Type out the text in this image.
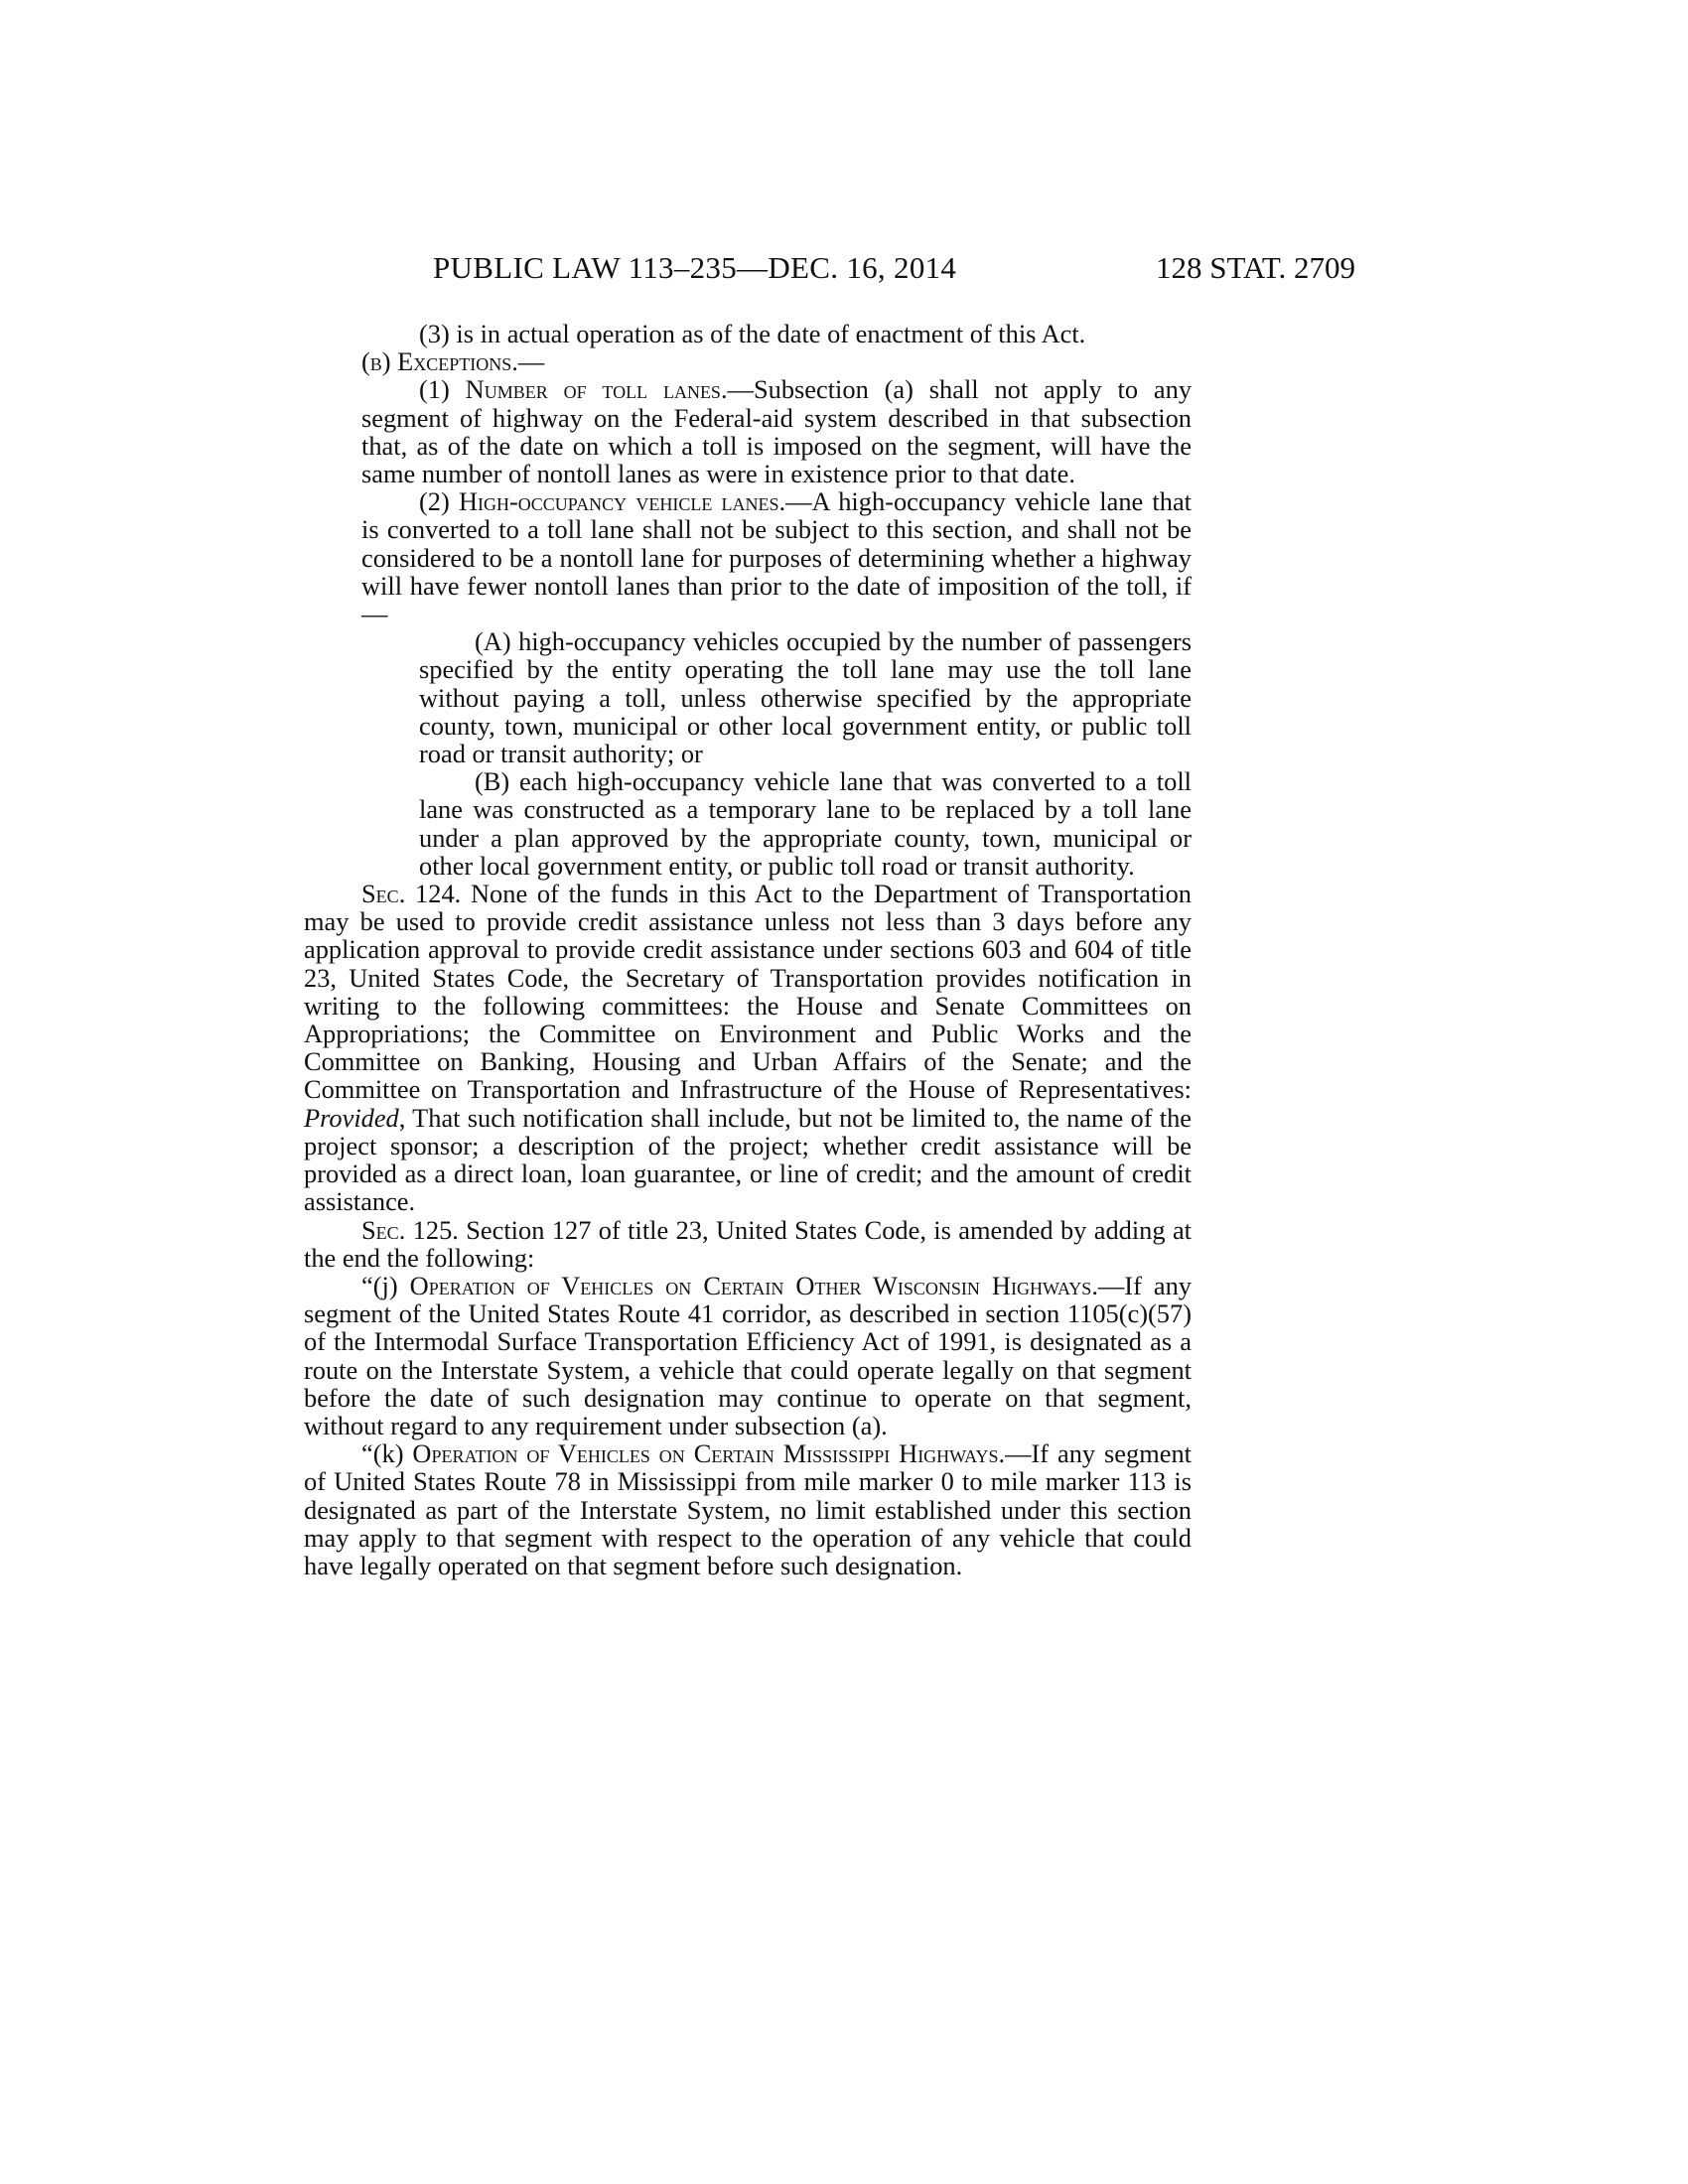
PUBLIC LAW 113–235—DEC. 16, 2014	128 STAT. 2709

(3) is in actual operation as of the date of enactment of this Act.

(b) Exceptions.—

(1) Number of toll lanes.—Subsection (a) shall not apply to any segment of highway on the Federal-aid system described in that subsection that, as of the date on which a toll is imposed on the segment, will have the same number of nontoll lanes as were in existence prior to that date.

(2) High-occupancy vehicle lanes.—A high-occupancy vehicle lane that is converted to a toll lane shall not be subject to this section, and shall not be considered to be a nontoll lane for purposes of determining whether a highway will have fewer nontoll lanes than prior to the date of imposition of the toll, if—

(A) high-occupancy vehicles occupied by the number of passengers specified by the entity operating the toll lane may use the toll lane without paying a toll, unless otherwise specified by the appropriate county, town, municipal or other local government entity, or public toll road or transit authority; or

(B) each high-occupancy vehicle lane that was converted to a toll lane was constructed as a temporary lane to be replaced by a toll lane under a plan approved by the appropriate county, town, municipal or other local government entity, or public toll road or transit authority.

Sec. 124. None of the funds in this Act to the Department of Transportation may be used to provide credit assistance unless not less than 3 days before any application approval to provide credit assistance under sections 603 and 604 of title 23, United States Code, the Secretary of Transportation provides notification in writing to the following committees: the House and Senate Committees on Appropriations; the Committee on Environment and Public Works and the Committee on Banking, Housing and Urban Affairs of the Senate; and the Committee on Transportation and Infrastructure of the House of Representatives: Provided, That such notification shall include, but not be limited to, the name of the project sponsor; a description of the project; whether credit assistance will be provided as a direct loan, loan guarantee, or line of credit; and the amount of credit assistance.

Sec. 125. Section 127 of title 23, United States Code, is amended by adding at the end the following:

“(j) Operation of Vehicles on Certain Other Wisconsin Highways.—If any segment of the United States Route 41 corridor, as described in section 1105(c)(57) of the Intermodal Surface Transportation Efficiency Act of 1991, is designated as a route on the Interstate System, a vehicle that could operate legally on that segment before the date of such designation may continue to operate on that segment, without regard to any requirement under subsection (a).

“(k) Operation of Vehicles on Certain Mississippi Highways.—If any segment of United States Route 78 in Mississippi from mile marker 0 to mile marker 113 is designated as part of the Interstate System, no limit established under this section may apply to that segment with respect to the operation of any vehicle that could have legally operated on that segment before such designation.
